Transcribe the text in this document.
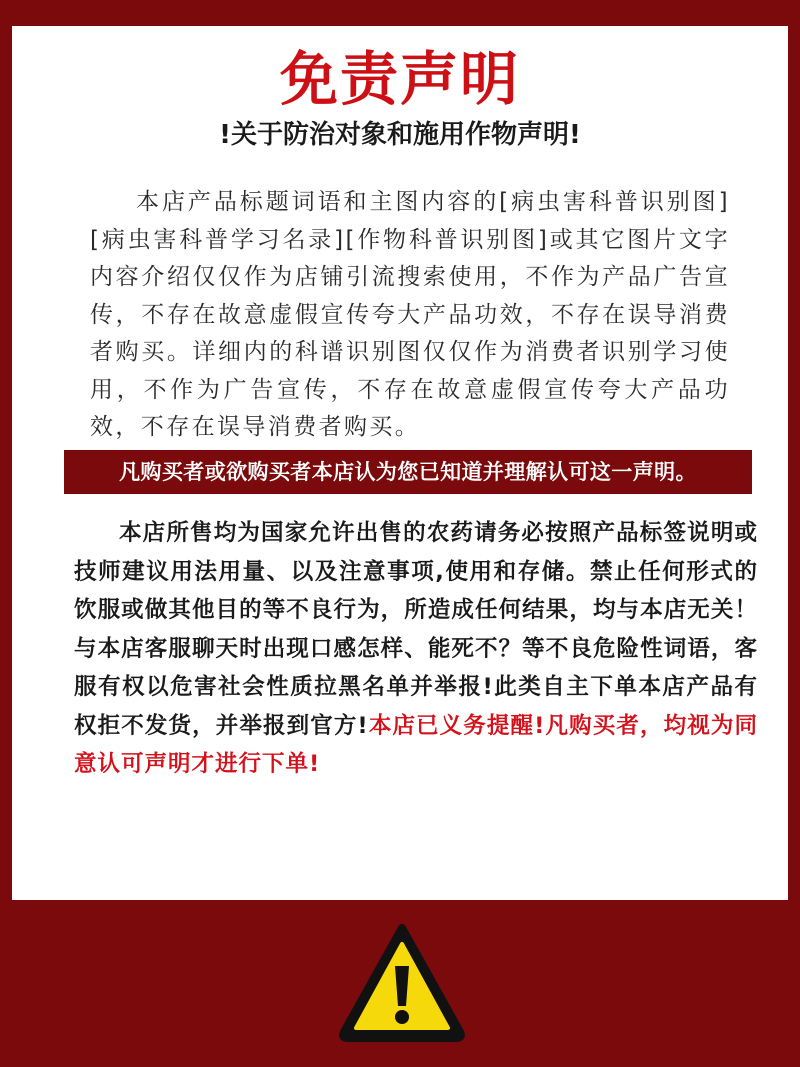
免责声明
!关于防治对象和施用作物声明!
本店产品标题词语和主图内容的[病虫害科普识别图][病虫害科普学习名录][作物科普识别图]或其它图片文字内容介绍仅仅作为店铺引流搜索使用，不作为产品广告宣传，不存在故意虚假宣传夸大产品功效，不存在误导消费者购买。详细内的科谱识别图仅仅作为消费者识别学习使用，不作为广告宣传，不存在故意虚假宣传夸大产品功效，不存在误导消费者购买。
凡购买者或欲购买者本店认为您已知道并理解认可这一声明。
本店所售均为国家允许出售的农药请务必按照产品标签说明或技师建议用法用量、以及注意事项,使用和存储。禁止任何形式的饮服或做其他目的等不良行为，所造成任何结果，均与本店无关！与本店客服聊天时出现口感怎样、能死不？等不良危险性词语，客服有权以危害社会性质拉黑名单并举报!此类自主下单本店产品有权拒不发货，并举报到官方!本店已义务提醒!凡购买者，均视为同意认可声明才进行下单!
